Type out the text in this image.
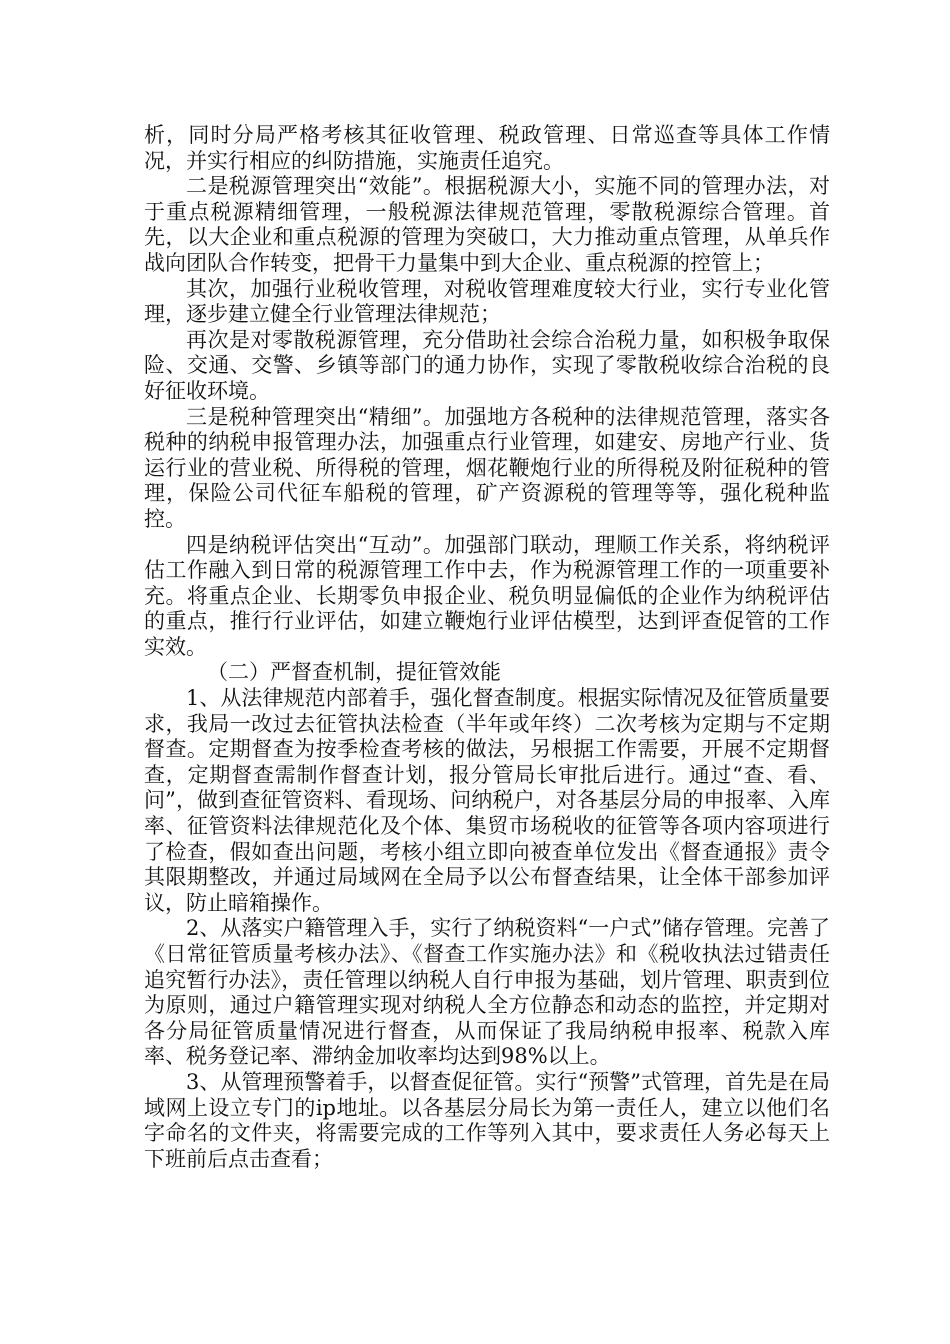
析，同时分局严格考核其征收管理、税政管理、日常巡查等具体工作情况，并实行相应的纠防措施，实施责任追究。

二是税源管理突出“效能”。根据税源大小，实施不同的管理办法，对于重点税源精细管理，一般税源法律规范管理，零散税源综合管理。首先，以大企业和重点税源的管理为突破口，大力推动重点管理，从单兵作战向团队合作转变，把骨干力量集中到大企业、重点税源的控管上；

其次，加强行业税收管理，对税收管理难度较大行业，实行专业化管理，逐步建立健全行业管理法律规范；

再次是对零散税源管理，充分借助社会综合治税力量，如积极争取保险、交通、交警、乡镇等部门的通力协作，实现了零散税收综合治税的良好征收环境。

三是税种管理突出“精细”。加强地方各税种的法律规范管理，落实各税种的纳税申报管理办法，加强重点行业管理，如建安、房地产行业、货运行业的营业税、所得税的管理，烟花鞭炮行业的所得税及附征税种的管理，保险公司代征车船税的管理，矿产资源税的管理等等，强化税种监控。

四是纳税评估突出“互动”。加强部门联动，理顺工作关系，将纳税评估工作融入到日常的税源管理工作中去，作为税源管理工作的一项重要补充。将重点企业、长期零负申报企业、税负明显偏低的企业作为纳税评估的重点，推行行业评估，如建立鞭炮行业评估模型，达到评查促管的工作实效。

（二）严督查机制，提征管效能

1、从法律规范内部着手，强化督查制度。根据实际情况及征管质量要求，我局一改过去征管执法检查（半年或年终）二次考核为定期与不定期督查。定期督查为按季检查考核的做法，另根据工作需要，开展不定期督查，定期督查需制作督查计划，报分管局长审批后进行。通过“查、看、问”，做到查征管资料、看现场、问纳税户，对各基层分局的申报率、入库率、征管资料法律规范化及个体、集贸市场税收的征管等各项内容项进行了检查，假如查出问题，考核小组立即向被查单位发出《督查通报》责令其限期整改，并通过局域网在全局予以公布督查结果，让全体干部参加评议，防止暗箱操作。

2、从落实户籍管理入手，实行了纳税资料“一户式”储存管理。完善了《日常征管质量考核办法》、《督查工作实施办法》和《税收执法过错责任追究暂行办法》，责任管理以纳税人自行申报为基础，划片管理、职责到位为原则，通过户籍管理实现对纳税人全方位静态和动态的监控，并定期对各分局征管质量情况进行督查，从而保证了我局纳税申报率、税款入库率、税务登记率、滞纳金加收率均达到98%以上。

3、从管理预警着手，以督查促征管。实行“预警”式管理，首先是在局域网上设立专门的ip地址。以各基层分局长为第一责任人，建立以他们名字命名的文件夹，将需要完成的工作等列入其中，要求责任人务必每天上下班前后点击查看；
